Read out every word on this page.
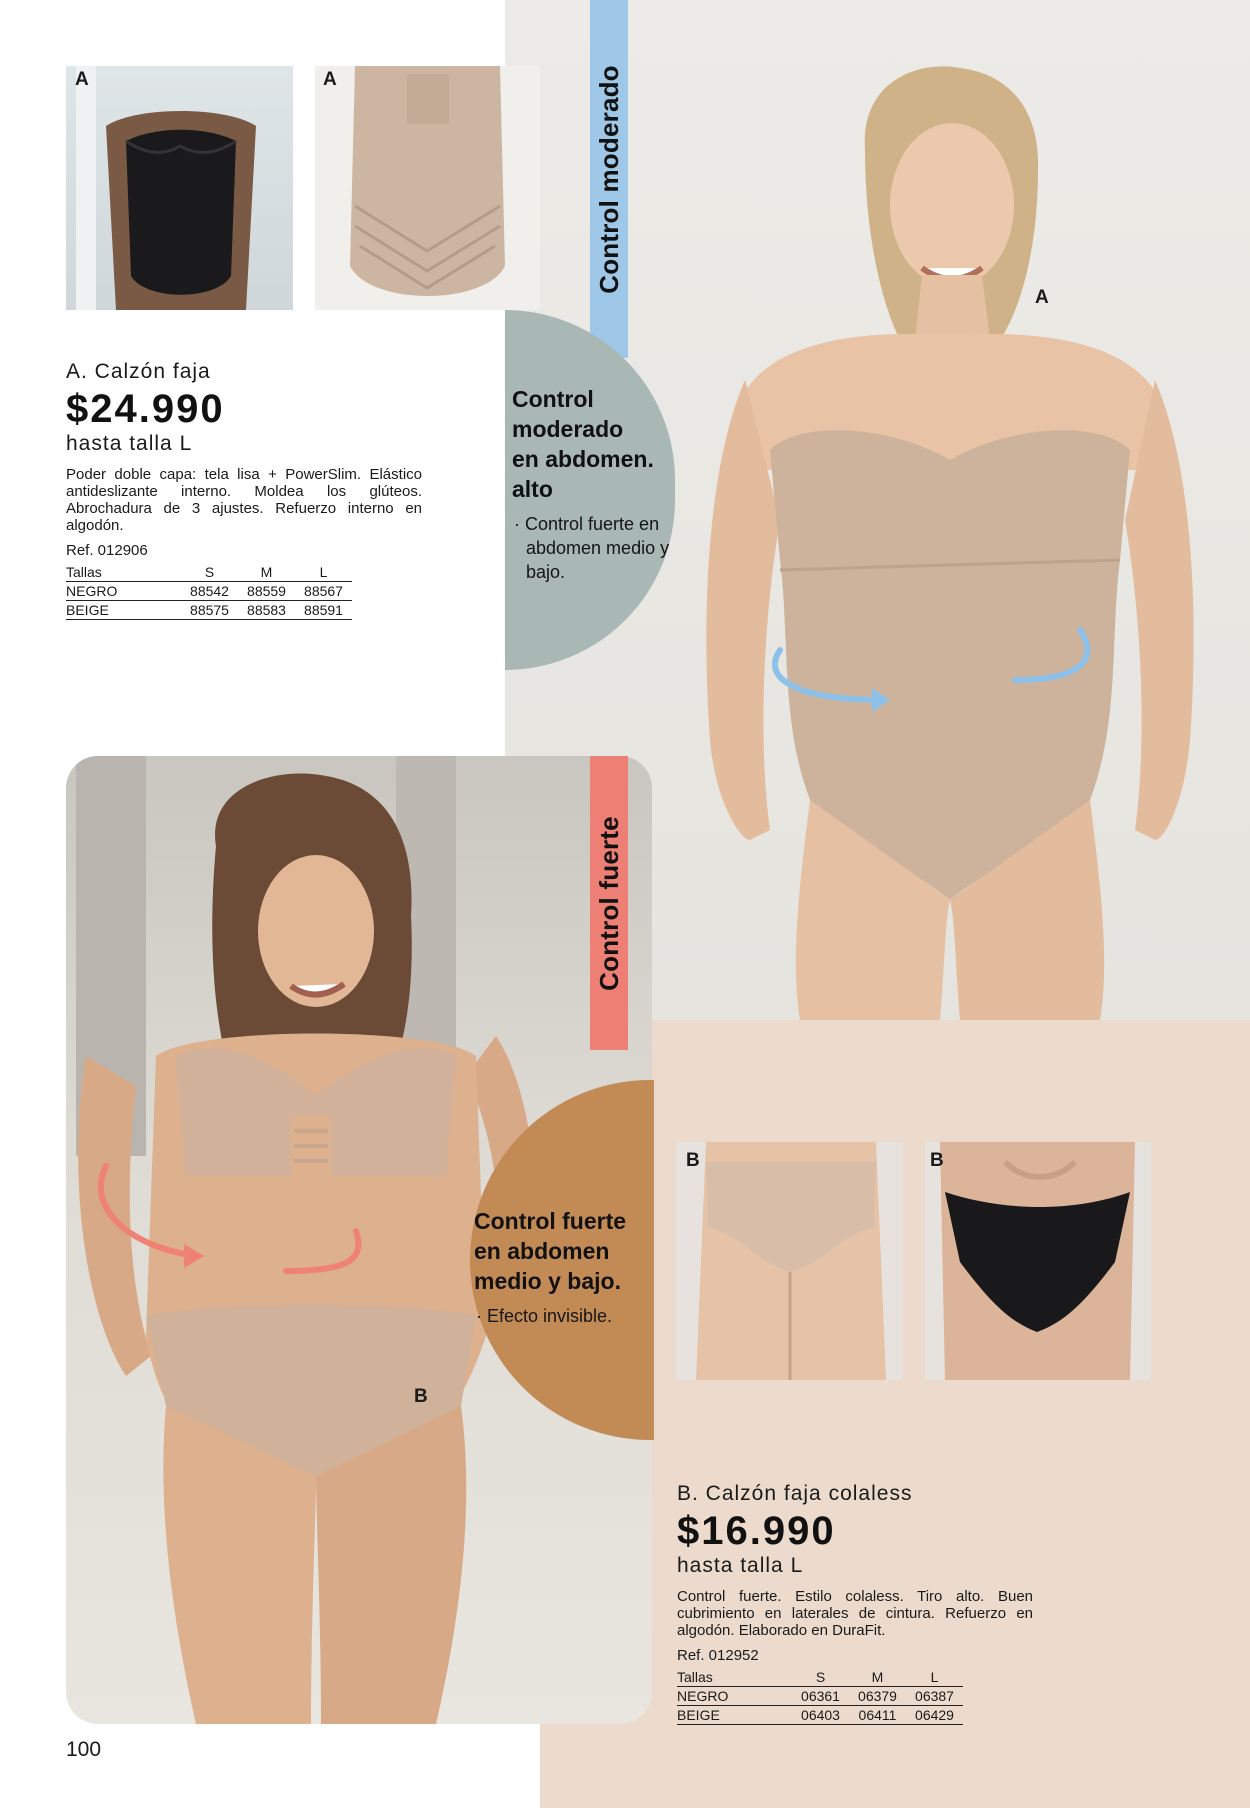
A
Control moderado
Control
moderado
en abdomen.
alto
· Control fuerte en abdomen medio y bajo.
A	A
A. Calzón faja
$24.990
hasta talla L
Poder doble capa: tela lisa + PowerSlim. Elástico antideslizante interno. Moldea los glúteos. Abrochadura de 3 ajustes. Refuerzo interno en algodón.
Ref. 012906
Tallas	S	M	L
NEGRO	88542	88559	88567
BEIGE	88575	88583	88591
B
Control fuerte
Control fuerte
en abdomen
medio y bajo.
· Efecto invisible.
B	B
B. Calzón faja colaless
$16.990
hasta talla L
Control fuerte. Estilo colaless. Tiro alto. Buen cubrimiento en laterales de cintura. Refuerzo en algodón. Elaborado en DuraFit.
Ref. 012952
Tallas	S	M	L
NEGRO	06361	06379	06387
BEIGE	06403	06411	06429
100
